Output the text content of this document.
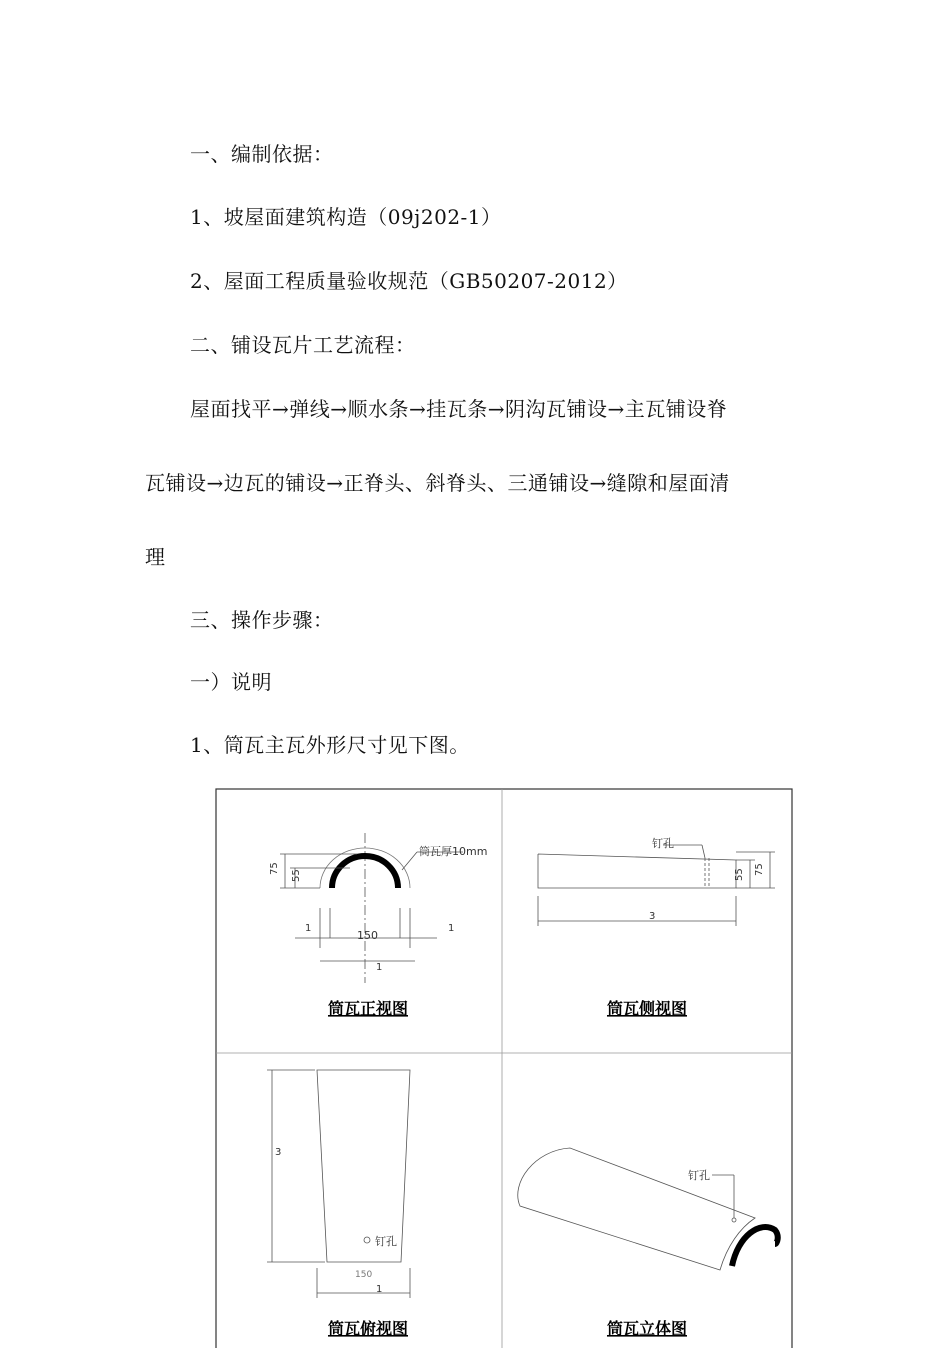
一、编制依据：
1、坡屋面建筑构造（09j202-1）
2、屋面工程质量验收规范（GB50207-2012）
二、铺设瓦片工艺流程：
屋面找平→弹线→顺水条→挂瓦条→阴沟瓦铺设→主瓦铺设脊
瓦铺设→边瓦的铺设→正脊头、斜脊头、三通铺设→缝隙和屋面清
理
三、操作步骤：
一）说明
1、筒瓦主瓦外形尺寸见下图。
筒瓦厚10mm
75
55
150
1	1
1
筒瓦正视图
钉孔
55 75
3
筒瓦侧视图
3
钉孔
150
1
筒瓦俯视图
钉孔
筒瓦立体图
